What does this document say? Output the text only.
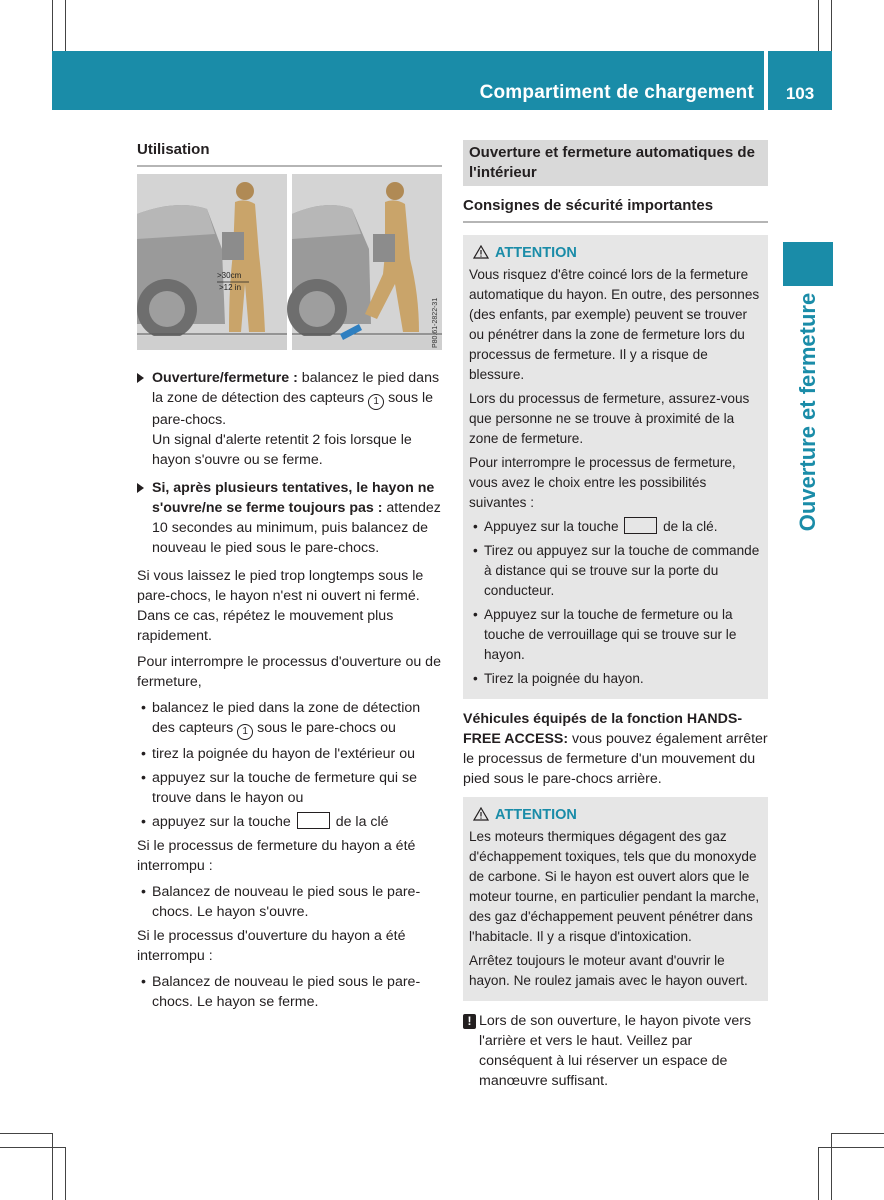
Compartiment de chargement	103
Ouverture et fermeture
Utilisation
Ouverture/fermeture : balancez le pied dans la zone de détection des capteurs 1 sous le pare-chocs.
Un signal d'alerte retentit 2 fois lorsque le hayon s'ouvre ou se ferme.
Si, après plusieurs tentatives, le hayon ne s'ouvre/ne se ferme toujours pas : attendez 10 secondes au minimum, puis balancez de nouveau le pied sous le pare-chocs.

Si vous laissez le pied trop longtemps sous le pare-chocs, le hayon n'est ni ouvert ni fermé. Dans ce cas, répétez le mouvement plus rapidement.

Pour interrompre le processus d'ouverture ou de fermeture,

• balancez le pied dans la zone de détection des capteurs 1 sous le pare-chocs ou
• tirez la poignée du hayon de l'extérieur ou
• appuyez sur la touche de fermeture qui se trouve dans le hayon ou
• appuyez sur la touche	de la clé

Si le processus de fermeture du hayon a été interrompu :

• Balancez de nouveau le pied sous le pare-chocs. Le hayon s'ouvre.

Si le processus d'ouverture du hayon a été interrompu :

• Balancez de nouveau le pied sous le pare-chocs. Le hayon se ferme.
>30cm
>12 in
P80.61-2822-31
Ouverture et fermeture automatiques de l'intérieur
Consignes de sécurité importantes
ATTENTION

Vous risquez d'être coincé lors de la fermeture automatique du hayon. En outre, des personnes (des enfants, par exemple) peuvent se trouver ou pénétrer dans la zone de fermeture lors du processus de fermeture. Il y a risque de blessure.

Lors du processus de fermeture, assurez-vous que personne ne se trouve à proximité de la zone de fermeture.

Pour interrompre le processus de fermeture, vous avez le choix entre les possibilités suivantes :

• Appuyez sur la touche	de la clé.
• Tirez ou appuyez sur la touche de commande à distance qui se trouve sur la porte du conducteur.
• Appuyez sur la touche de fermeture ou la touche de verrouillage qui se trouve sur le hayon.
• Tirez la poignée du hayon.

Véhicules équipés de la fonction HANDS-FREE ACCESS: vous pouvez également arrêter le processus de fermeture d'un mouvement du pied sous le pare-chocs arrière.

ATTENTION

Les moteurs thermiques dégagent des gaz d'échappement toxiques, tels que du monoxyde de carbone. Si le hayon est ouvert alors que le moteur tourne, en particulier pendant la marche, des gaz d'échappement peuvent pénétrer dans l'habitacle. Il y a risque d'intoxication.

Arrêtez toujours le moteur avant d'ouvrir le hayon. Ne roulez jamais avec le hayon ouvert.

! Lors de son ouverture, le hayon pivote vers l'arrière et vers le haut. Veillez par conséquent à lui réserver un espace de manœuvre suffisant.
